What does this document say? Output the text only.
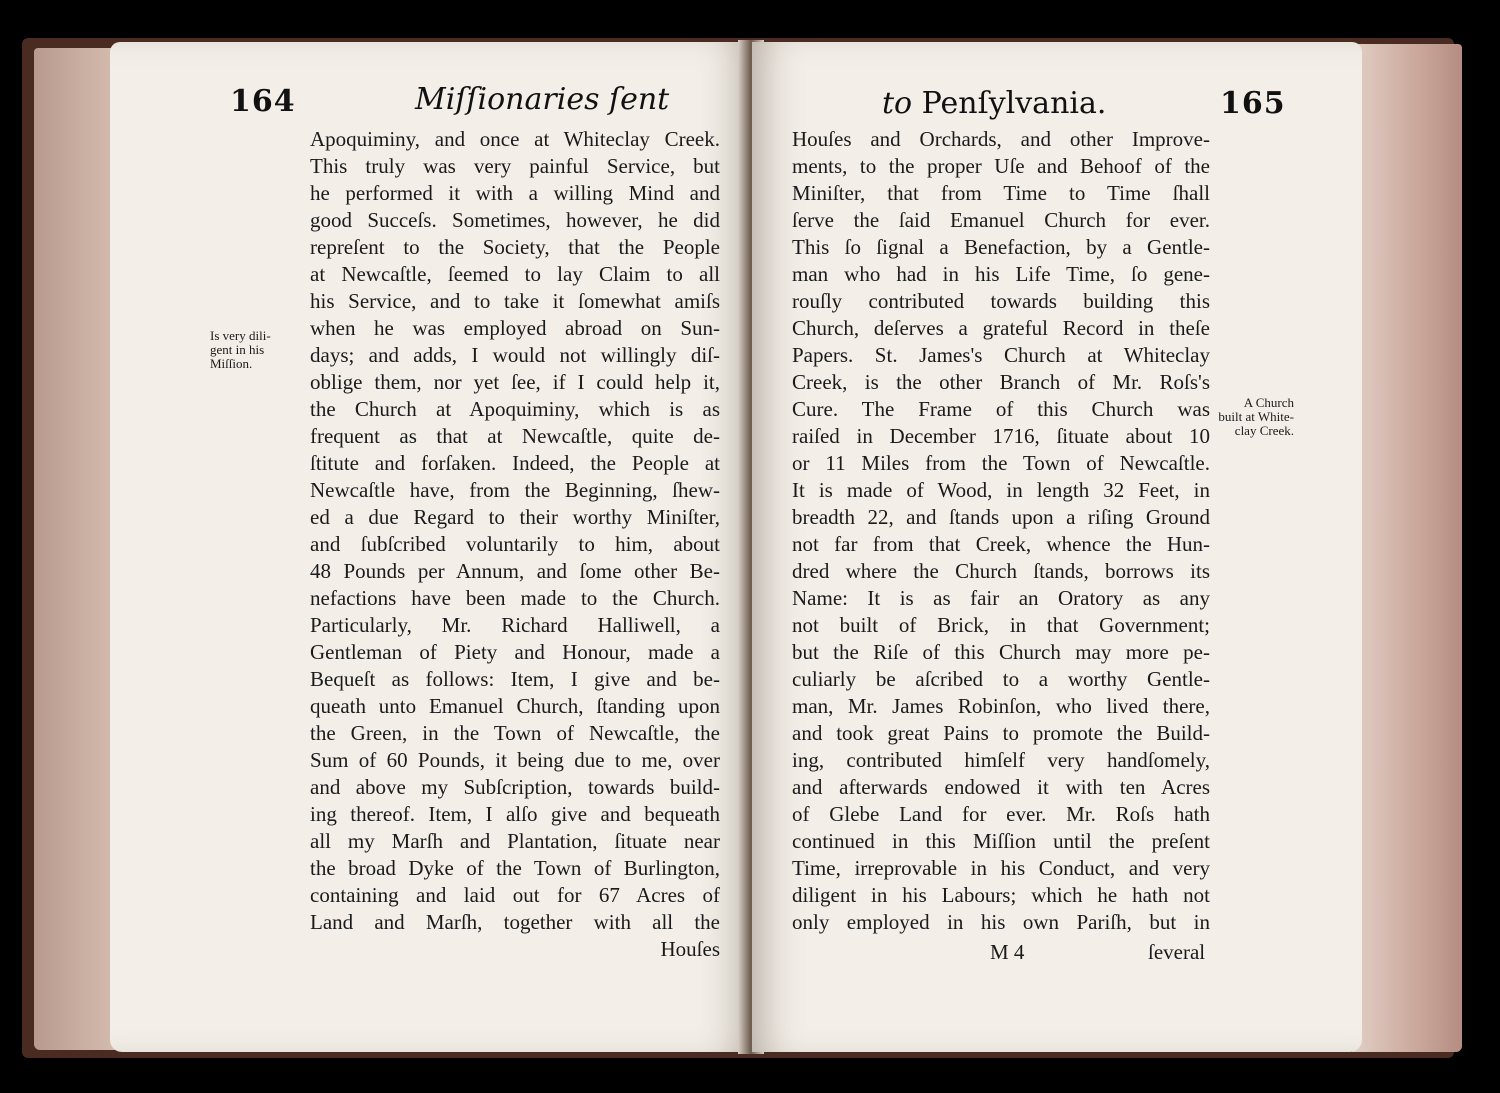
164	Miſſionaries ſent
Is very dili-
gent in his
Miſſion.
Apoquiminy, and once at Whiteclay Creek.
This truly was very painful Service, but
he performed it with a willing Mind and
good Succeſs. Sometimes, however, he did
repreſent to the Society, that the People
at Newcaſtle, ſeemed to lay Claim to all
his Service, and to take it ſomewhat amiſs
when he was employed abroad on Sun-
days; and adds, I would not willingly diſ-
oblige them, nor yet ſee, if I could help it,
the Church at Apoquiminy, which is as
frequent as that at Newcaſtle, quite de-
ſtitute and forſaken. Indeed, the People at
Newcaſtle have, from the Beginning, ſhew-
ed a due Regard to their worthy Miniſter,
and ſubſcribed voluntarily to him, about
48 Pounds per Annum, and ſome other Be-
nefactions have been made to the Church.
Particularly, Mr. Richard Halliwell, a
Gentleman of Piety and Honour, made a
Bequeſt as follows: Item, I give and be-
queath unto Emanuel Church, ſtanding upon
the Green, in the Town of Newcaſtle, the
Sum of 60 Pounds, it being due to me, over
and above my Subſcription, towards build-
ing thereof. Item, I alſo give and bequeath
all my Marſh and Plantation, ſituate near
the broad Dyke of the Town of Burlington,
containing and laid out for 67 Acres of
Land and Marſh, together with all the
Houſes
to Penſylvania.	165
Houſes and Orchards, and other Improve-
ments, to the proper Uſe and Behoof of the
Miniſter, that from Time to Time ſhall
ſerve the ſaid Emanuel Church for ever.
This ſo ſignal a Benefaction, by a Gentle-
man who had in his Life Time, ſo gene-
rouſly contributed towards building this
Church, deſerves a grateful Record in theſe
Papers. St. James's Church at Whiteclay
Creek, is the other Branch of Mr. Roſs's
Cure. The Frame of this Church was
raiſed in December 1716, ſituate about 10
or 11 Miles from the Town of Newcaſtle.
It is made of Wood, in length 32 Feet, in
breadth 22, and ſtands upon a riſing Ground
not far from that Creek, whence the Hun-
dred where the Church ſtands, borrows its
Name: It is as fair an Oratory as any
not built of Brick, in that Government;
but the Riſe of this Church may more pe-
culiarly be aſcribed to a worthy Gentle-
man, Mr. James Robinſon, who lived there,
and took great Pains to promote the Build-
ing, contributed himſelf very handſomely,
and afterwards endowed it with ten Acres
of Glebe Land for ever. Mr. Roſs hath
continued in this Miſſion until the preſent
Time, irreprovable in his Conduct, and very
diligent in his Labours; which he hath not
only employed in his own Pariſh, but in
A Church
built at White-
clay Creek.
M 4	ſeveral
